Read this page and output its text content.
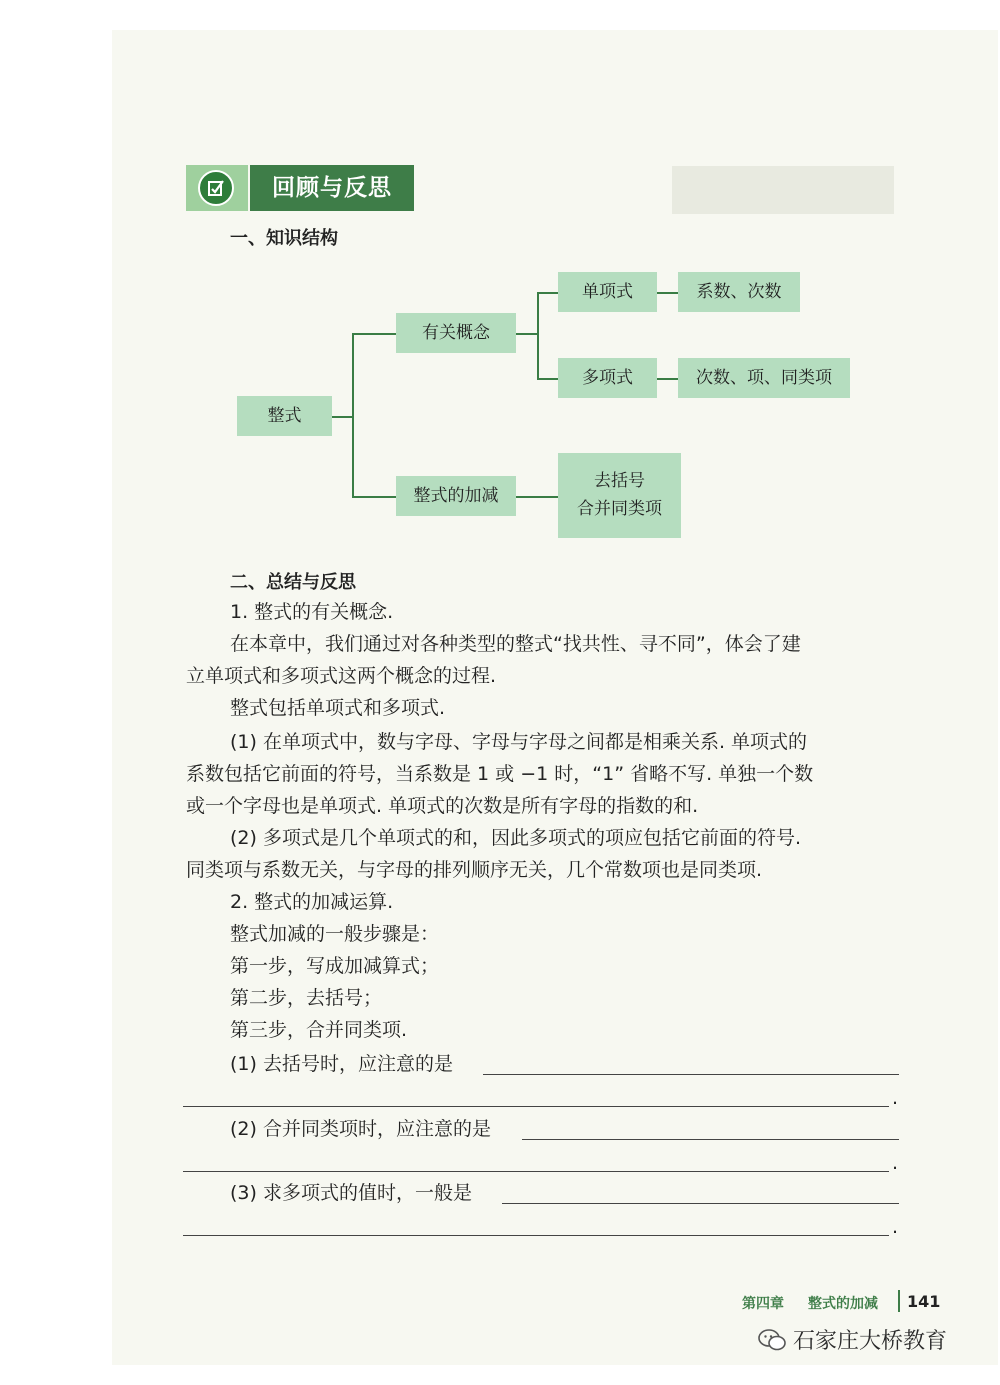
回顾与反思
一、知识结构
整式
有关概念
整式的加减
单项式	系数、次数
多项式	次数、项、同类项
去括号
合并同类项
二、总结与反思
1. 整式的有关概念.
在本章中，我们通过对各种类型的整式“找共性、寻不同”，体会了建
立单项式和多项式这两个概念的过程.
整式包括单项式和多项式.
(1) 在单项式中，数与字母、字母与字母之间都是相乘关系. 单项式的
系数包括它前面的符号，当系数是 1 或 −1 时，“1” 省略不写. 单独一个数
或一个字母也是单项式. 单项式的次数是所有字母的指数的和.
(2) 多项式是几个单项式的和，因此多项式的项应包括它前面的符号.
同类项与系数无关，与字母的排列顺序无关，几个常数项也是同类项.
2. 整式的加减运算.
整式加减的一般步骤是：
第一步，写成加减算式；
第二步，去括号；
第三步，合并同类项.
(1) 去括号时，应注意的是
.
(2) 合并同类项时，应注意的是
.
(3) 求多项式的值时，一般是
.
第四章 整式的加减 141
石家庄大桥教育
